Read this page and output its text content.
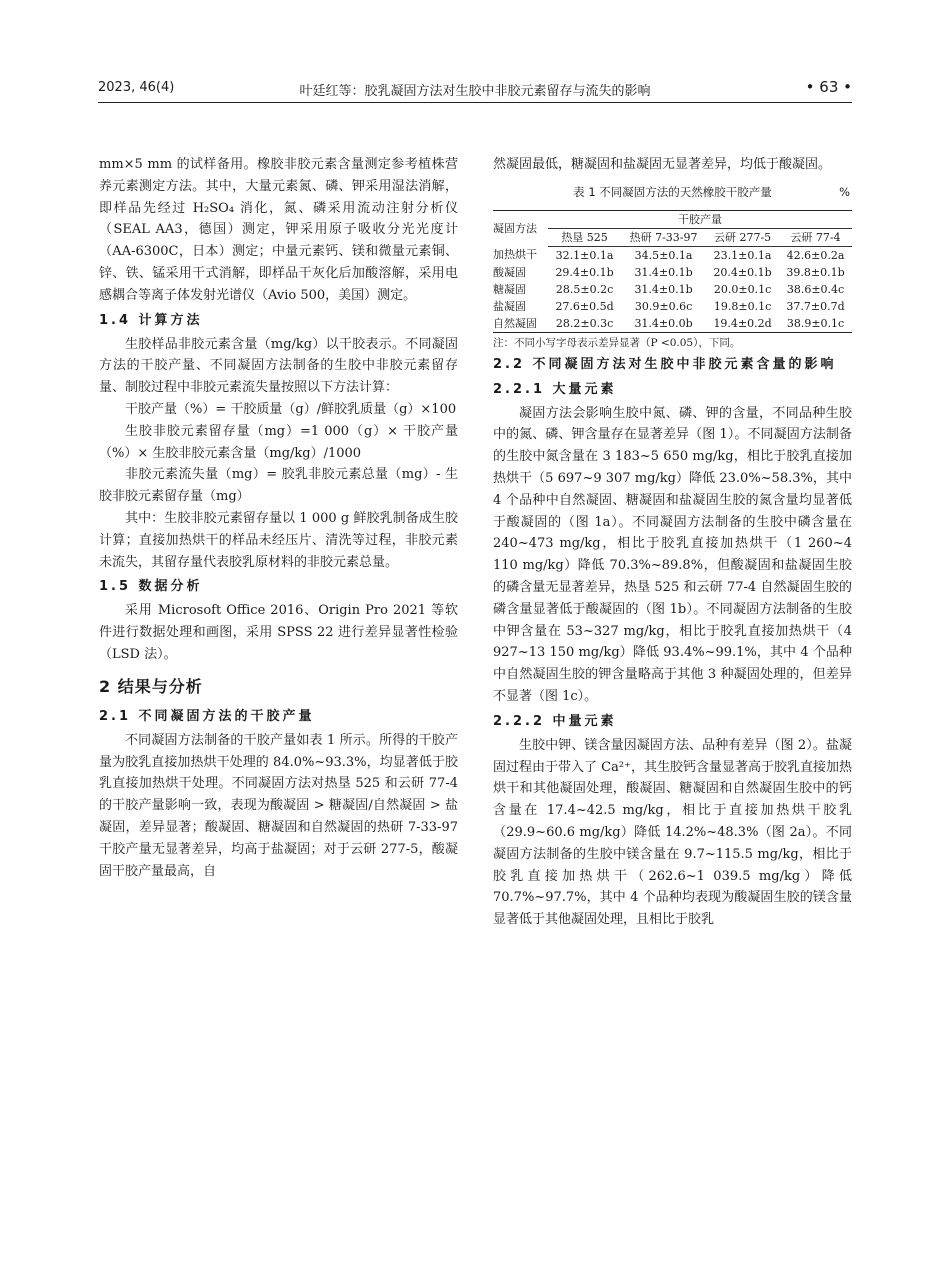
2023, 46(4)	叶廷红等：胶乳凝固方法对生胶中非胶元素留存与流失的影响	• 63 •

mm×5 mm 的试样备用。橡胶非胶元素含量测定参考植株营养元素测定方法。其中，大量元素氮、磷、钾采用湿法消解，即样品先经过 H₂SO₄ 消化，氮、磷采用流动注射分析仪（SEAL AA3，德国）测定，钾采用原子吸收分光光度计（AA-6300C，日本）测定；中量元素钙、镁和微量元素铜、锌、铁、锰采用干式消解，即样品干灰化后加酸溶解，采用电感耦合等离子体发射光谱仪（Avio 500，美国）测定。

1.4 计算方法

生胶样品非胶元素含量（mg/kg）以干胶表示。不同凝固方法的干胶产量、不同凝固方法制备的生胶中非胶元素留存量、制胶过程中非胶元素流失量按照以下方法计算：

干胶产量（%）= 干胶质量（g）/鲜胶乳质量（g）×100

生胶非胶元素留存量（mg）=1 000（g）× 干胶产量（%）× 生胶非胶元素含量（mg/kg）/1000

非胶元素流失量（mg）= 胶乳非胶元素总量（mg）- 生胶非胶元素留存量（mg）

其中：生胶非胶元素留存量以 1 000 g 鲜胶乳制备成生胶计算；直接加热烘干的样品未经压片、清洗等过程，非胶元素未流失，其留存量代表胶乳原材料的非胶元素总量。

1.5 数据分析

采用 Microsoft Office 2016、Origin Pro 2021 等软件进行数据处理和画图，采用 SPSS 22 进行差异显著性检验（LSD 法）。

2 结果与分析
2.1 不同凝固方法的干胶产量

不同凝固方法制备的干胶产量如表 1 所示。所得的干胶产量为胶乳直接加热烘干处理的 84.0%~93.3%，均显著低于胶乳直接加热烘干处理。不同凝固方法对热垦 525 和云研 77-4 的干胶产量影响一致，表现为酸凝固 > 糖凝固/自然凝固 > 盐凝固，差异显著；酸凝固、糖凝固和自然凝固的热研 7-33-97 干胶产量无显著差异，均高于盐凝固；对于云研 277-5，酸凝固干胶产量最高，自

然凝固最低，糖凝固和盐凝固无显著差异，均低于酸凝固。

表 1 不同凝固方法的天然橡胶干胶产量	%
凝固方法	干胶产量			
	热垦 525	热研 7-33-97	云研 277-5	云研 77-4
加热烘干	32.1±0.1a	34.5±0.1a	23.1±0.1a	42.6±0.2a
酸凝固	29.4±0.1b	31.4±0.1b	20.4±0.1b	39.8±0.1b
糖凝固	28.5±0.2c	31.4±0.1b	20.0±0.1c	38.6±0.4c
盐凝固	27.6±0.5d	30.9±0.6c	19.8±0.1c	37.7±0.7d
自然凝固	28.2±0.3c	31.4±0.0b	19.4±0.2d	38.9±0.1c
注：不同小写字母表示差异显著（P <0.05），下同。
2.2 不同凝固方法对生胶中非胶元素含量的影响
2.2.1 大量元素

凝固方法会影响生胶中氮、磷、钾的含量，不同品种生胶中的氮、磷、钾含量存在显著差异（图 1）。不同凝固方法制备的生胶中氮含量在 3 183~5 650 mg/kg，相比于胶乳直接加热烘干（5 697~9 307 mg/kg）降低 23.0%~58.3%，其中 4 个品种中自然凝固、糖凝固和盐凝固生胶的氮含量均显著低于酸凝固的（图 1a）。不同凝固方法制备的生胶中磷含量在 240~473 mg/kg，相比于胶乳直接加热烘干（1 260~4 110 mg/kg）降低 70.3%~89.8%，但酸凝固和盐凝固生胶的磷含量无显著差异，热垦 525 和云研 77-4 自然凝固生胶的磷含量显著低于酸凝固的（图 1b）。不同凝固方法制备的生胶中钾含量在 53~327 mg/kg，相比于胶乳直接加热烘干（4 927~13 150 mg/kg）降低 93.4%~99.1%，其中 4 个品种中自然凝固生胶的钾含量略高于其他 3 种凝固处理的，但差异不显著（图 1c）。

2.2.2 中量元素

生胶中钾、镁含量因凝固方法、品种有差异（图 2）。盐凝固过程由于带入了 Ca²⁺，其生胶钙含量显著高于胶乳直接加热烘干和其他凝固处理，酸凝固、糖凝固和自然凝固生胶中的钙含量在 17.4~42.5 mg/kg，相比于直接加热烘干胶乳（29.9~60.6 mg/kg）降低 14.2%~48.3%（图 2a）。不同凝固方法制备的生胶中镁含量在 9.7~115.5 mg/kg，相比于胶乳直接加热烘干（262.6~1 039.5 mg/kg）降低 70.7%~97.7%，其中 4 个品种均表现为酸凝固生胶的镁含量显著低于其他凝固处理，且相比于胶乳
